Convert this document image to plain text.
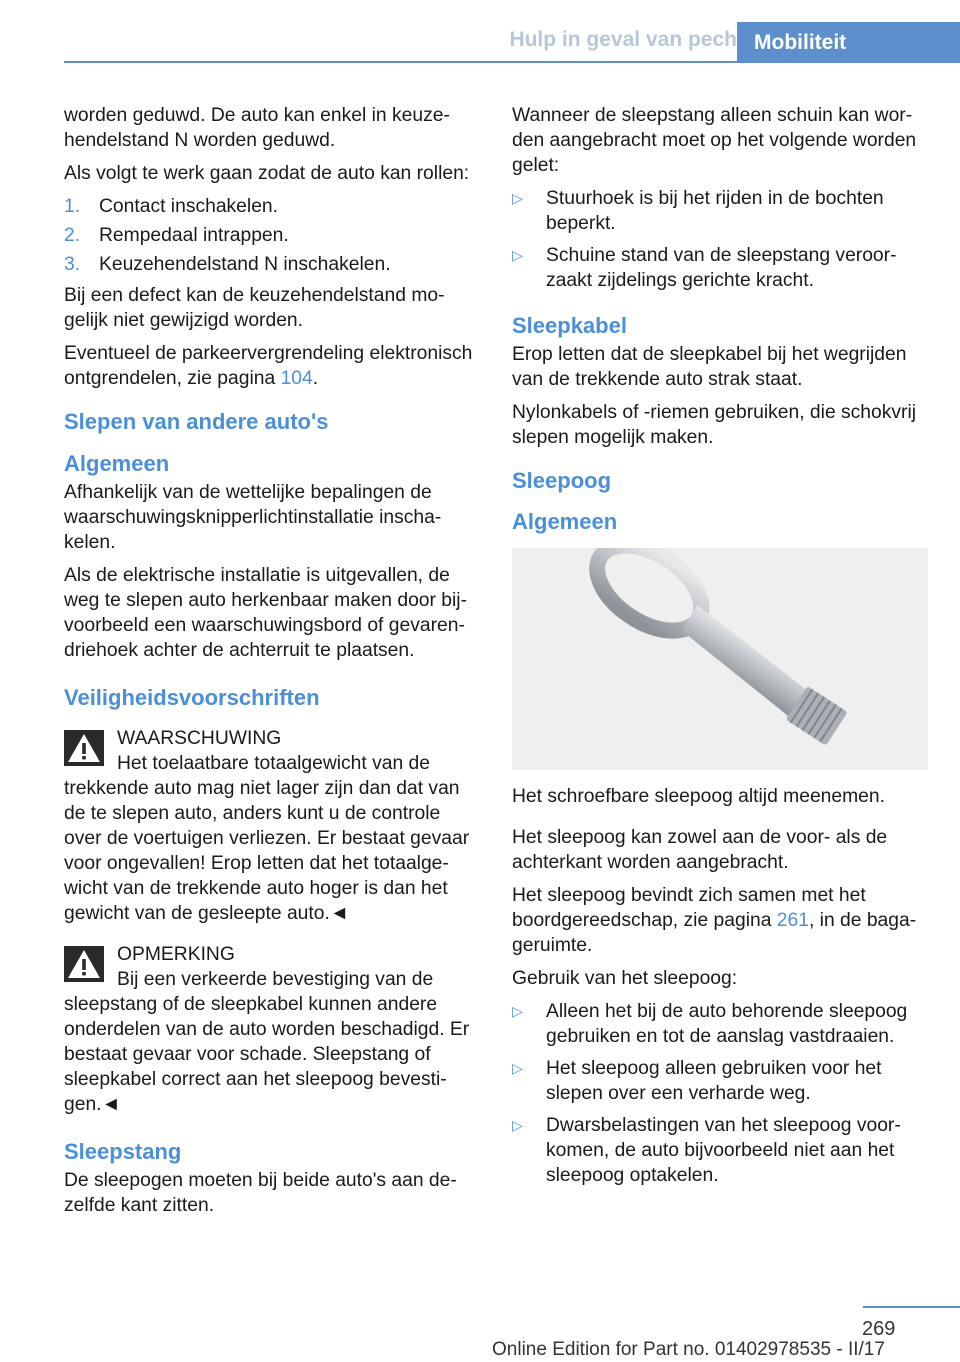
Hulp in geval van pech Mobiliteit

worden geduwd. De auto kan enkel in keuzehendelstand N worden geduwd.

Als volgt te werk gaan zodat de auto kan rollen:

1. Contact inschakelen.
2. Rempedaal intrappen.
3. Keuzehendelstand N inschakelen.

Bij een defect kan de keuzehendelstand mogelijk niet gewijzigd worden.

Eventueel de parkeervergrendeling elektronisch ontgrendelen, zie pagina 104.

Slepen van andere auto's
Algemeen

Afhankelijk van de wettelijke bepalingen de waarschuwingsknipperlichtinstallatie inschakelen.

Als de elektrische installatie is uitgevallen, de weg te slepen auto herkenbaar maken door bijvoorbeeld een waarschuwingsbord of gevarendriehoek achter de achterruit te plaatsen.

Veiligheidsvoorschriften

WAARSCHUWING

Het toelaatbare totaalgewicht van de trekkende auto mag niet lager zijn dan dat van de te slepen auto, anders kunt u de controle over de voertuigen verliezen. Er bestaat gevaar voor ongevallen! Erop letten dat het totaalgewicht van de trekkende auto hoger is dan het gewicht van de gesleepte auto.◄

OPMERKING

Bij een verkeerde bevestiging van de sleepstang of de sleepkabel kunnen andere onderdelen van de auto worden beschadigd. Er bestaat gevaar voor schade. Sleepstang of sleepkabel correct aan het sleepoog bevestigen.◄

Sleepstang

De sleepogen moeten bij beide auto's aan dezelfde kant zitten.

Wanneer de sleepstang alleen schuin kan worden aangebracht moet op het volgende worden gelet:

▷ Stuurhoek is bij het rijden in de bochten beperkt.
▷ Schuine stand van de sleepstang veroorzaakt zijdelings gerichte kracht.
Sleepkabel

Erop letten dat de sleepkabel bij het wegrijden van de trekkende auto strak staat.

Nylonkabels of -riemen gebruiken, die schokvrij slepen mogelijk maken.

Sleepoog
Algemeen

Het schroefbare sleepoog altijd meenemen.

Het sleepoog kan zowel aan de voor- als de achterkant worden aangebracht.

Het sleepoog bevindt zich samen met het boordgereedschap, zie pagina 261, in de bagageruimte.

Gebruik van het sleepoog:

▷ Alleen het bij de auto behorende sleepoog gebruiken en tot de aanslag vastdraaien.
▷ Het sleepoog alleen gebruiken voor het slepen over een verharde weg.
▷ Dwarsbelastingen van het sleepoog voorkomen, de auto bijvoorbeeld niet aan het sleepoog optakelen.
269
Online Edition for Part no. 01402978535 - II/17
